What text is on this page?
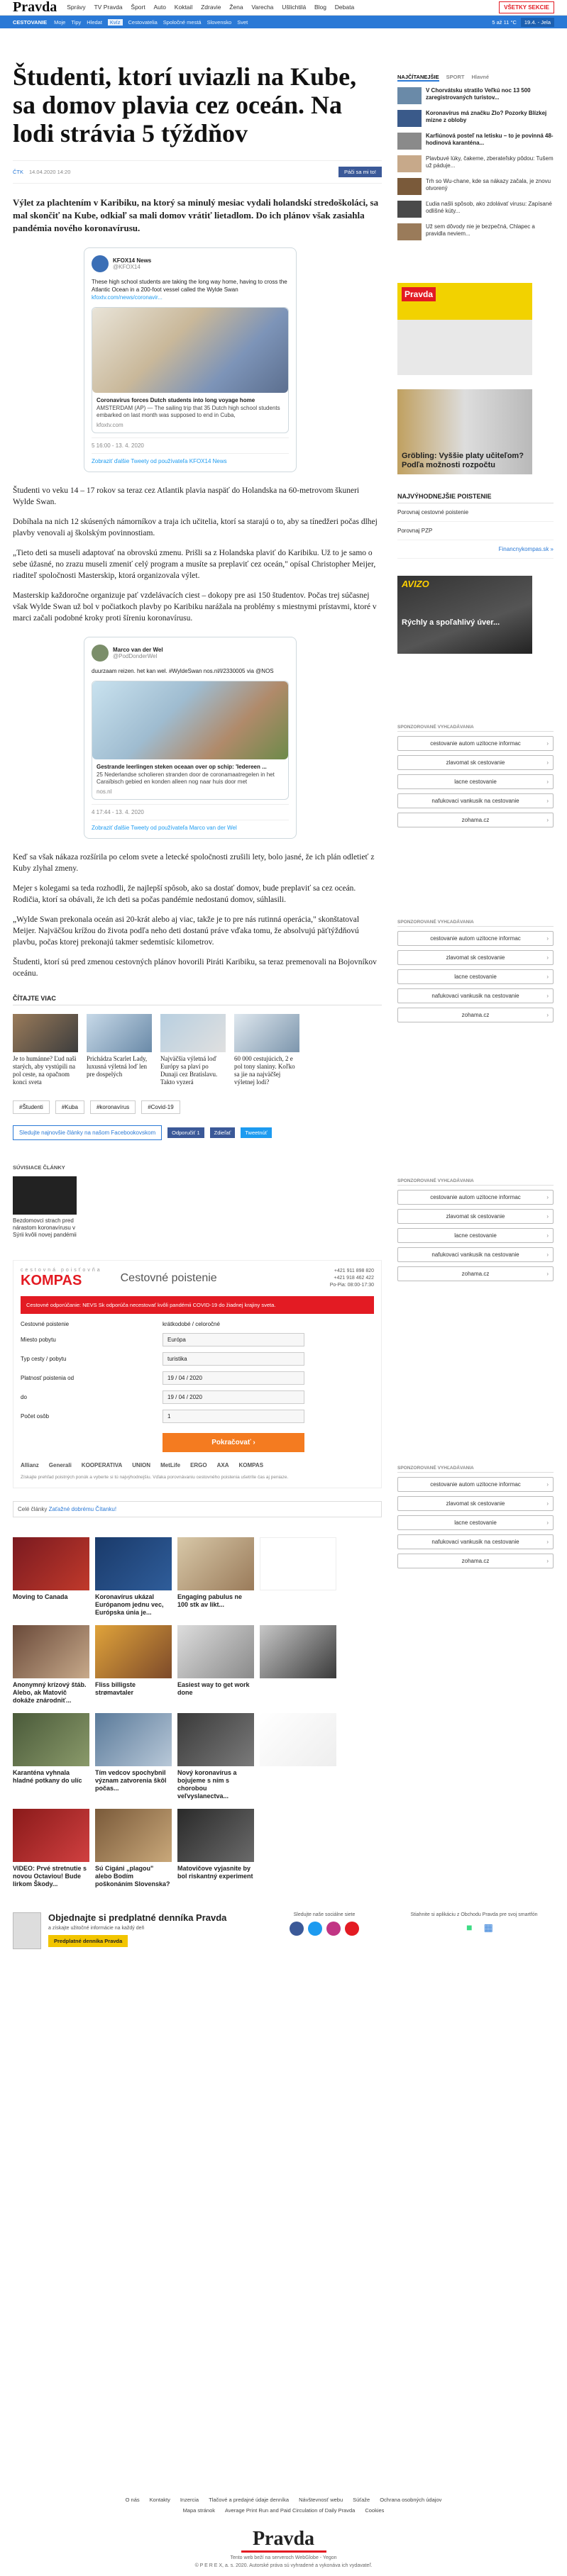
Pravda Správy TV Pravda Šport Auto Koktail Zdravie Žena Varecha Ušlichtilá Blog Debata	VŠETKY SEKCIE
CESTOVANIE Moje Tipy Hledat	Kvíz	Cestovatelia Spoločné mestá Slovensko Svet	5 až 11 °C	19.4. - Jela
Študenti, ktorí uviazli na Kube, sa domov plavia cez oceán. Na lodi strávia 5 týždňov
ČTK 14.04.2020 14:20	Páči sa mi to!

Výlet za plachtením v Karibiku, na ktorý sa minulý mesiac vydali holandskí stredoškoláci, sa mal skončiť na Kube, odkiaľ sa mali domov vrátiť lietadlom. Do ich plánov však zasiahla pandémia nového koronavírusu.

KFOX14 News
@KFOX14
These high school students are taking the long way home, having to cross the Atlantic Ocean in a 200-foot vessel called the Wylde Swan kfoxtv.com/news/coronavir...
Coronavirus forces Dutch students into long voyage home
AMSTERDAM (AP) — The sailing trip that 35 Dutch high school students embarked on last month was supposed to end in Cuba,
kfoxtv.com
5 16:00 - 13. 4. 2020
Zobraziť ďalšie Tweety od používateľa KFOX14 News

Študenti vo veku 14 – 17 rokov sa teraz cez Atlantik plavia naspäť do Holandska na 60-metrovom škuneri Wylde Swan.

Dobíhala na nich 12 skúsených námorníkov a traja ich učitelia, ktorí sa starajú o to, aby sa tínedžeri počas dlhej plavby venovali aj školským povinnostiam.

„Tieto deti sa museli adaptovať na obrovskú zmenu. Prišli sa z Holandska plaviť do Karibiku. Už to je samo o sebe úžasné, no zrazu museli zmeniť celý program a musíte sa preplaviť cez oceán," opísal Christopher Meijer, riaditeľ spoločnosti Masterskip, ktorá organizovala výlet.

Masterskip každoročne organizuje pať vzdelávacích ciest – dokopy pre asi 150 študentov. Počas trej súčasnej však Wylde Swan už bol v počiatkoch plavby po Karibiku narážala na problémy s miestnymi prístavmi, ktoré v marci začali podobné kroky proti šíreniu koronavírusu.

Marco van der Wel
@PodDonderWel
duurzaam reizen. het kan wel. #WyldeSwan nos.nl/l/2330005 via @NOS
Gestrande leerlingen steken oceaan over op schip: 'Iedereen ...
25 Nederlandse scholieren stranden door de coronamaatregelen in het Caraïbisch gebied en konden alleen nog naar huis door met
nos.nl
4 17:44 - 13. 4. 2020
Zobraziť ďalšie Tweety od používateľa Marco van der Wel

Keď sa však nákaza rozšírila po celom svete a letecké spoločnosti zrušili lety, bolo jasné, že ich plán odletieť z Kuby zlyhal zmeny.

Mejer s kolegami sa teda rozhodli, že najlepší spôsob, ako sa dostať domov, bude preplaviť sa cez oceán. Rodičia, ktorí sa obávali, že ich deti sa počas pandémie nedostanú domov, súhlasili.

„Wylde Swan prekonala oceán asi 20-krát alebo aj viac, takže je to pre nás rutinná operácia," skonštatoval Meijer. Najväčšou krížou do života podľa neho deti dostanú práve vďaka tomu, že absolvujú päťtýždňovú plavbu, počas ktorej prekonajú takmer sedemtisíc kilometrov.

Študenti, ktorí sú pred zmenou cestovných plánov hovorili Piráti Karibiku, sa teraz premenovali na Bojovníkov oceánu.

ČÍTAJTE VIAC
Je to humánne? Ľud naši starých, aby vystúpili na pol ceste, na opačnom konci sveta
Prichádza Scarlet Lady, luxusná výletná loď len pre dospelých
Najväčšia výletná loď Európy sa plaví po Dunaji cez Bratislavu. Takto vyzerá
60 000 cestujúcich, 2 e pol tony slaniny. Koľko sa jie na najväčšej výletnej lodi?
#Študenti	#Kuba	#koronavírus	#Covid-19
Sledujte najnovšie články na našom Facebookovskom	Odporučiť 1	Zdieľať	Tweetnúť
SÚVISIACE ČLÁNKY
Bezdomovci strach pred nárastom koronavírusu v Sýrii kvôli novej pandémii
cestovná poisťovňa
KOMPAS	Cestovné poistenie
+421 911 898 820
+421 918 462 422
Po-Pia: 08:00-17:30
Cestovné odporúčanie: NEVS Sk odporúča necestovať kvôli pandémii COVID-19 do žiadnej krajiny sveta.
Cestovné poistenie	krátkodobé / celoročné
Miesto pobytu	Európa
Typ cesty / pobytu	turistika
Platnosť poistenia od	19 / 04 / 2020
do	19 / 04 / 2020
Počet osôb	1
Pokračovať ›
Allianz Generali KOOPERATIVA UNION MetLife ERGO AXA KOMPAS
Získajte prehľad poistných ponúk a vyberte si tú najvýhodnejšiu. Vďaka porovnávaniu cestovného poistenia ušetríte čas aj peniaze.
Celé články Zaťažné dobrému Čítanku!
Moving to Canada	Koronavírus ukázal Európanom jednu vec, Európska únia je...
Engaging pabulus ne 100 stk av likt...
Anonymný krízový štáb. Alebo, ak Matovič dokáže znárodniť...
Fliss billigste strømavtaler
Easiest way to get work done
Karanténa vyhnala hladné potkany do ulíc
Tím vedcov spochybnil význam zatvorenia škôl počas...
Nový koronavírus a bojujeme s ním s chorobou veľvyslanectva...
VIDEO: Prvé stretnutie s novou Octaviou! Bude lirkom Škody...
Sú Cigáni „plagou" alebo Bodím poškonáním Slovenska?
Matovičove vyjasnite by bol riskantný experiment
Objednajte si predplatné denníka Pravda
a získajte užitočné informácie na každý deň
Predplatné denníka Pravda
Sledujte naše sociálne siete	Stiahnite si aplikáciu z Obchodu Pravda pre svoj smartfón
■ ▦
NAJČÍTANEJŠIE SPORT Hlavné
V Chorvátsku stratilo Veľkú noc 13 500 zaregistrovaných turistov...
Koronavírus má značku Zlo? Pozorky Blízkej mizne z obloby
Karfiúnová posteľ na letisku – to je povinná 48-hodinová karanténa...
Plavbuvé lúky, čakeme, zberateľsky pôdou: Tušem už páduje...
Trh so Wu-chane, kde sa nákazy začala, je znovu otvorený
Ľudia našli spôsob, ako zdolávať virusu: Zapísané odlišné kúty...
Už sem dôvody nie je bezpečná, Chlapec a pravidla neviem...
Pravda
Gröbling: Vyššie platy učiteľom? Podľa možnosti rozpočtu
NAJVÝHODNEJŠIE POISTENIE
Porovnaj cestovné poistenie
Porovnaj PZP
Financnykompas.sk »
AVIZO
Rýchly a spoľahlivý úver...
SPONZOROVANÉ VYHĽADÁVANIA
cestovanie autom uzitocne informac ›
zlavomat sk cestovanie ›
lacne cestovanie ›
nafukovaci vankusik na cestovanie ›
zohama.cz ›
SPONZOROVANÉ VYHĽADÁVANIA
cestovanie autom uzitocne informac ›
zlavomat sk cestovanie ›
lacne cestovanie ›
nafukovaci vankusik na cestovanie ›
zohama.cz ›
SPONZOROVANÉ VYHĽADÁVANIA
cestovanie autom uzitocne informac ›
zlavomat sk cestovanie ›
lacne cestovanie ›
nafukovaci vankusik na cestovanie ›
zohama.cz ›
SPONZOROVANÉ VYHĽADÁVANIA
cestovanie autom uzitocne informac ›
zlavomat sk cestovanie ›
lacne cestovanie ›
nafukovaci vankusik na cestovanie ›
zohama.cz ›
O nás Kontakty Inzercia Tlačové a predajné údaje denníka Návštevnosť webu Súťaže Ochrana osobných údajov
Mapa stránok Average Print Run and Paid Circulation of Daily Pravda Cookies
Pravda
Tento web beží na serveroch WebGlobe - Yegon
© P E R E X, a. s. 2020. Autorské práva sú vyhradené a vykonáva ich vydavateľ.
